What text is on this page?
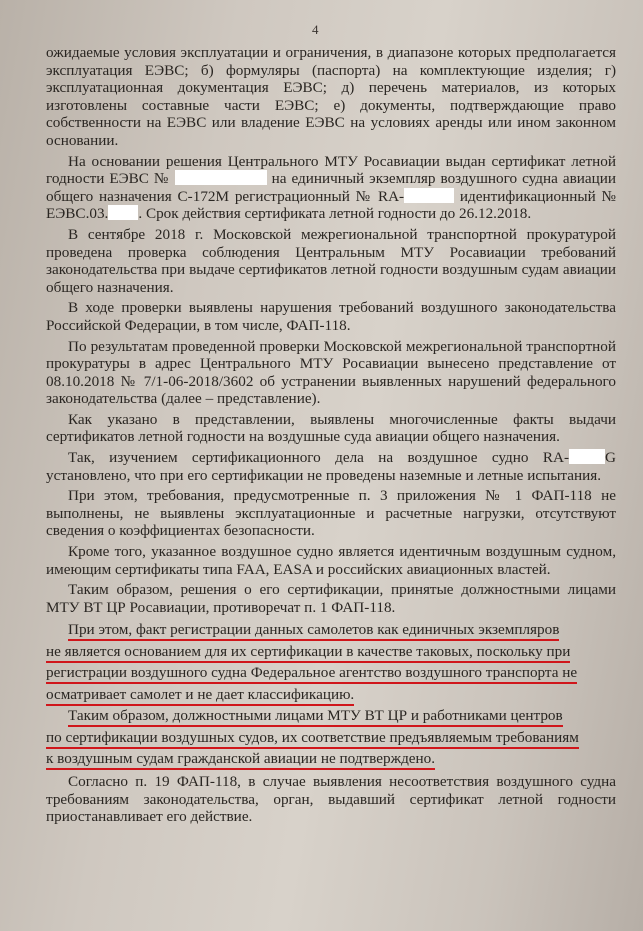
4

ожидаемые условия эксплуатации и ограничения, в диапазоне которых предполагается эксплуатация ЕЭВС; б) формуляры (паспорта) на комплектующие изделия; г) эксплуатационная документация ЕЭВС; д) перечень материалов, из которых изготовлены составные части ЕЭВС; е) документы, подтверждающие право собственности на ЕЭВС или владение ЕЭВС на условиях аренды или ином законном основании.

На основании решения Центрального МТУ Росавиации выдан сертификат летной годности ЕЭВС №	на единичный экземпляр воздушного судна авиации общего назначения С-172М регистрационный № RA-	идентификационный № ЕЭВС.03. . Срок действия сертификата летной годности до 26.12.2018.

В сентябре 2018 г. Московской межрегиональной транспортной прокуратурой проведена проверка соблюдения Центральным МТУ Росавиации требований законодательства при выдаче сертификатов летной годности воздушным судам авиации общего назначения.

В ходе проверки выявлены нарушения требований воздушного законодательства Российской Федерации, в том числе, ФАП-118.

По результатам проведенной проверки Московской межрегиональной транспортной прокуратуры в адрес Центрального МТУ Росавиации вынесено представление от 08.10.2018 № 7/1-06-2018/3602 об устранении выявленных нарушений федерального законодательства (далее – представление).

Как указано в представлении, выявлены многочисленные факты выдачи сертификатов летной годности на воздушные суда авиации общего назначения.

Так, изучением сертификационного дела на воздушное судно RA- G установлено, что при его сертификации не проведены наземные и летные испытания.

При этом, требования, предусмотренные п. 3 приложения № 1 ФАП-118 не выполнены, не выявлены эксплуатационные и расчетные нагрузки, отсутствуют сведения о коэффициентах безопасности.

Кроме того, указанное воздушное судно является идентичным воздушным судном, имеющим сертификаты типа FAA, EASA и российских авиационных властей.

Таким образом, решения о его сертификации, принятые должностными лицами МТУ ВТ ЦР Росавиации, противоречат п. 1 ФАП-118.

При этом, факт регистрации данных самолетов как единичных экземпляров
не является основанием для их сертификации в качестве таковых, поскольку при
регистрации воздушного судна Федеральное агентство воздушного транспорта не
осматривает самолет и не дает классификацию.

Таким образом, должностными лицами МТУ ВТ ЦР и работниками центров
по сертификации воздушных судов, их соответствие предъявляемым требованиям
к воздушным судам гражданской авиации не подтверждено.

Согласно п. 19 ФАП-118, в случае выявления несоответствия воздушного судна требованиям законодательства, орган, выдавший сертификат летной годности приостанавливает его действие.
